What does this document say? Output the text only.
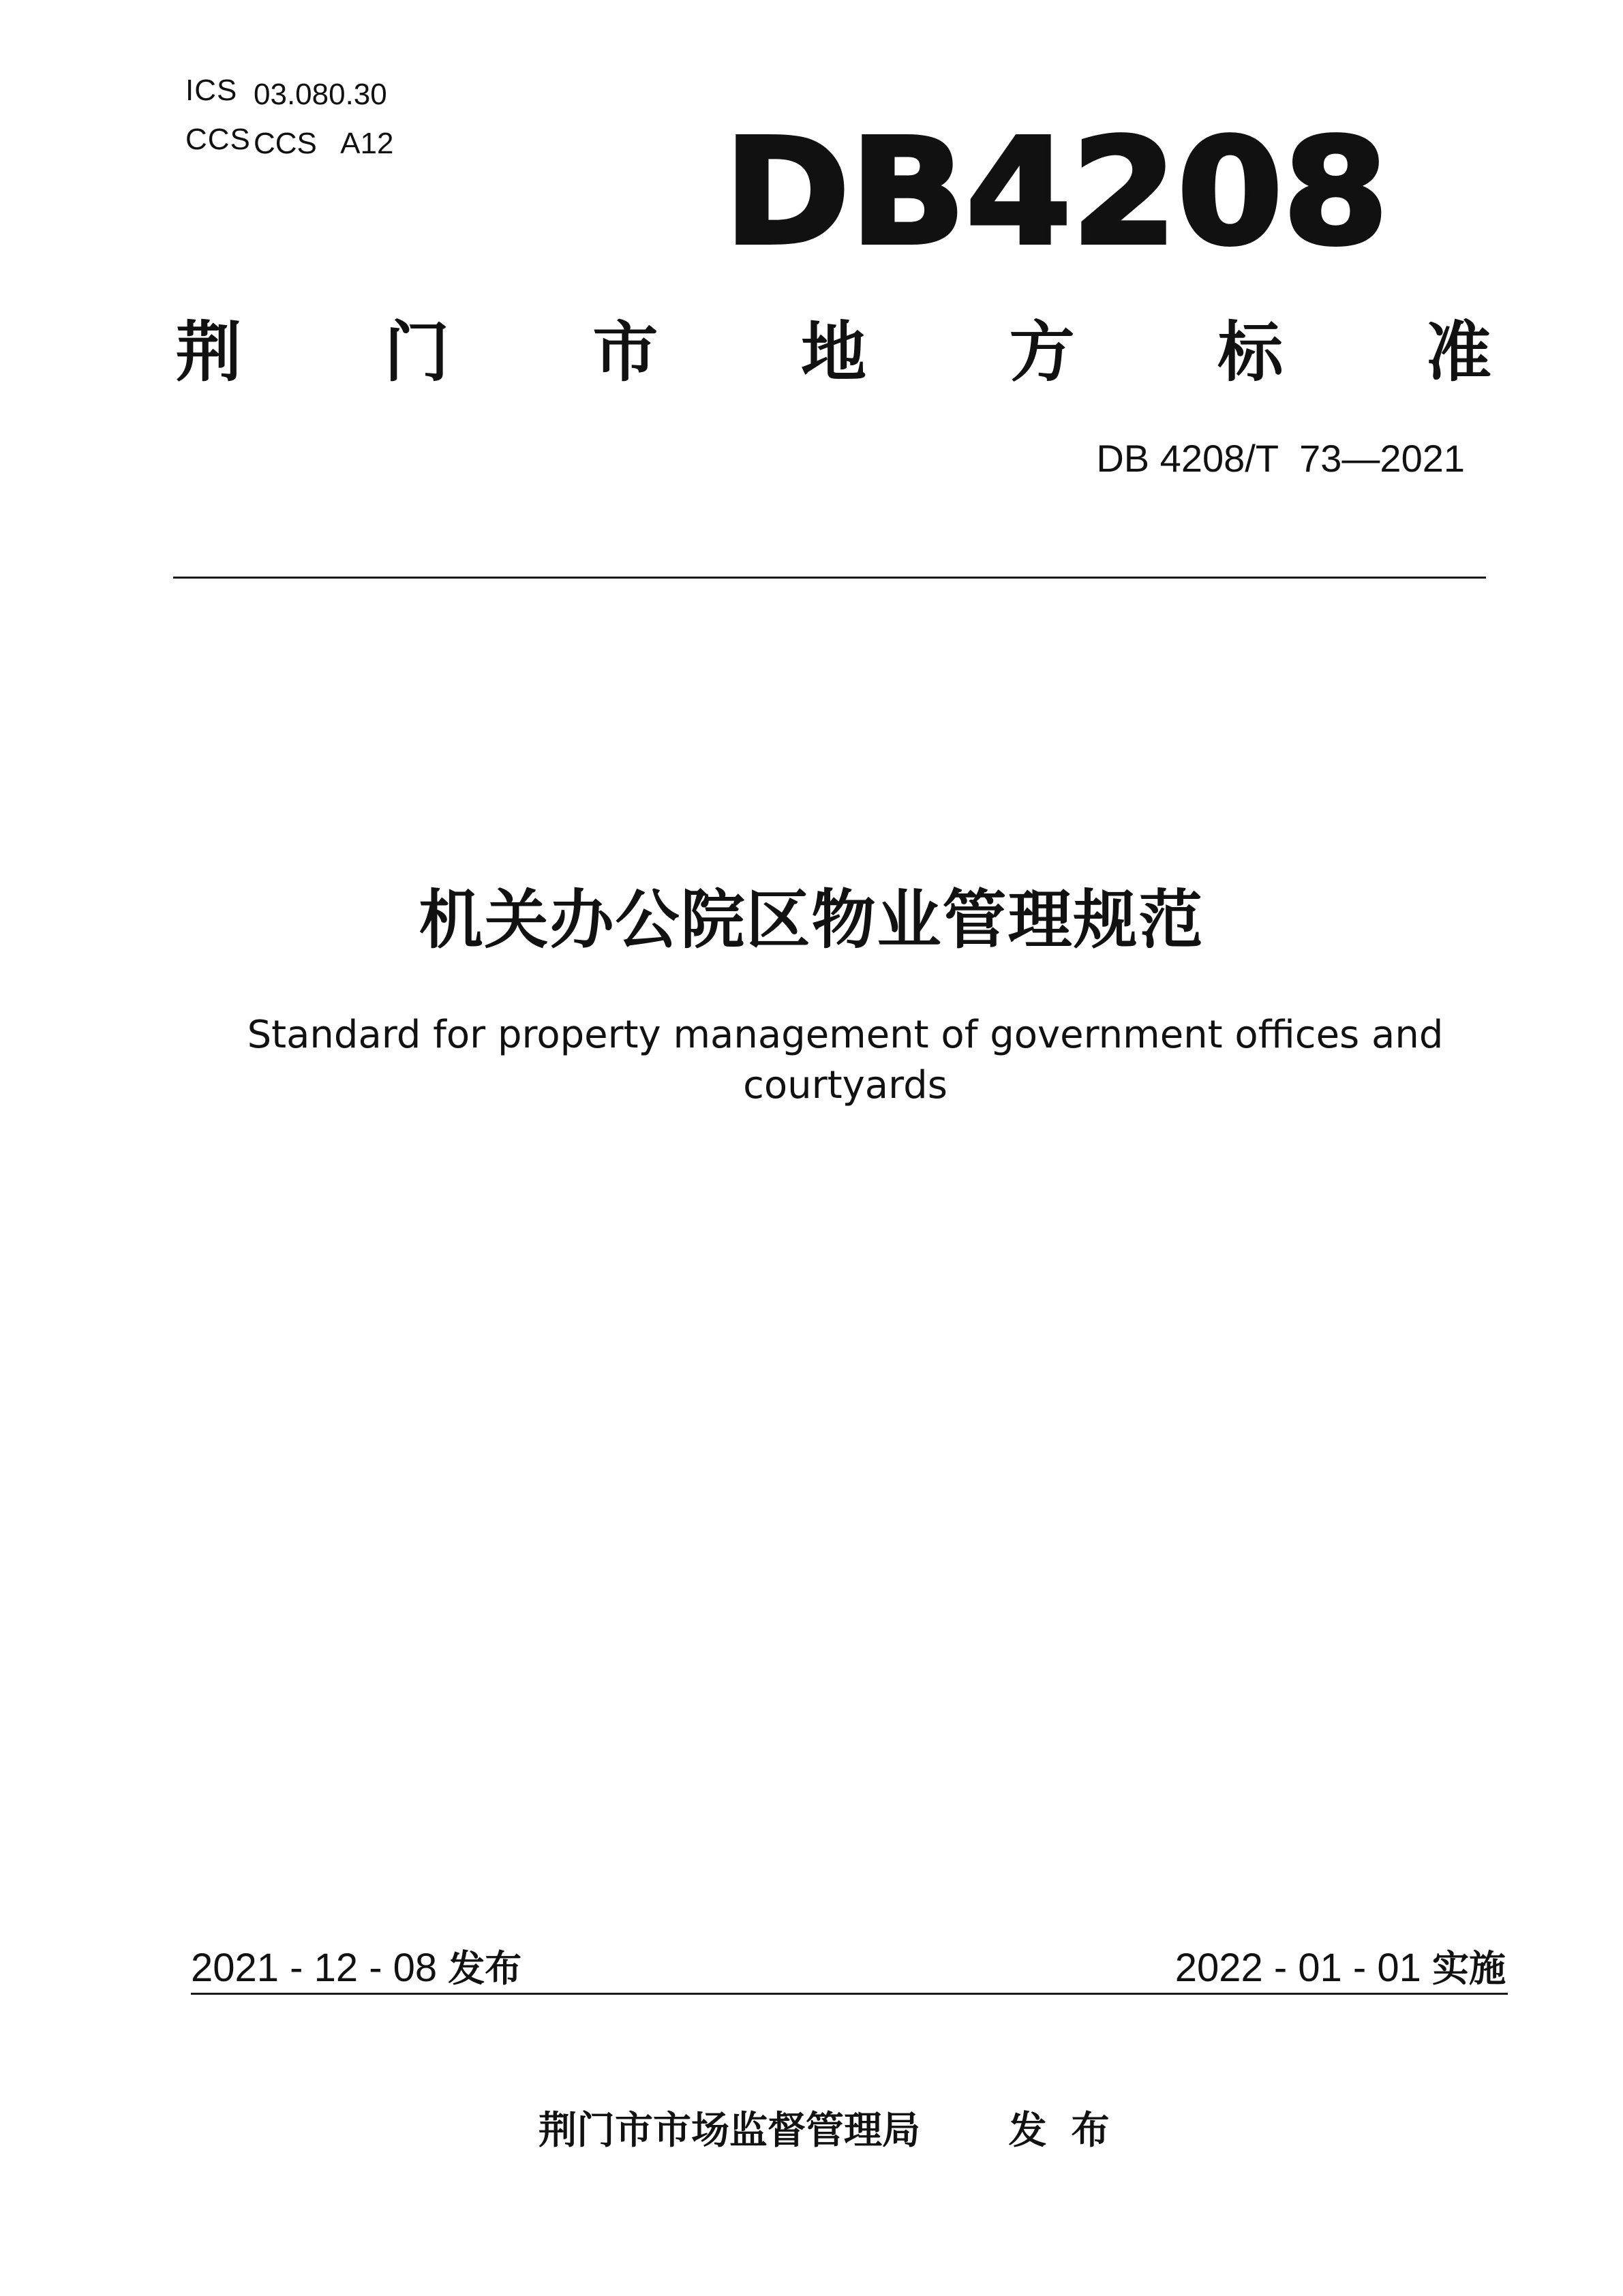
ICS 03.080.30
CCS CCS   A12 DB4208
荆 门 市 地 方 标 准
DB 4208/T  73—2021
机关办公院区物业管理规范
Standard for property management of government offices and
courtyards
2021 - 12 - 08 发布	2022 - 01 - 01 实施
荆门市市场监督管理局 发布
